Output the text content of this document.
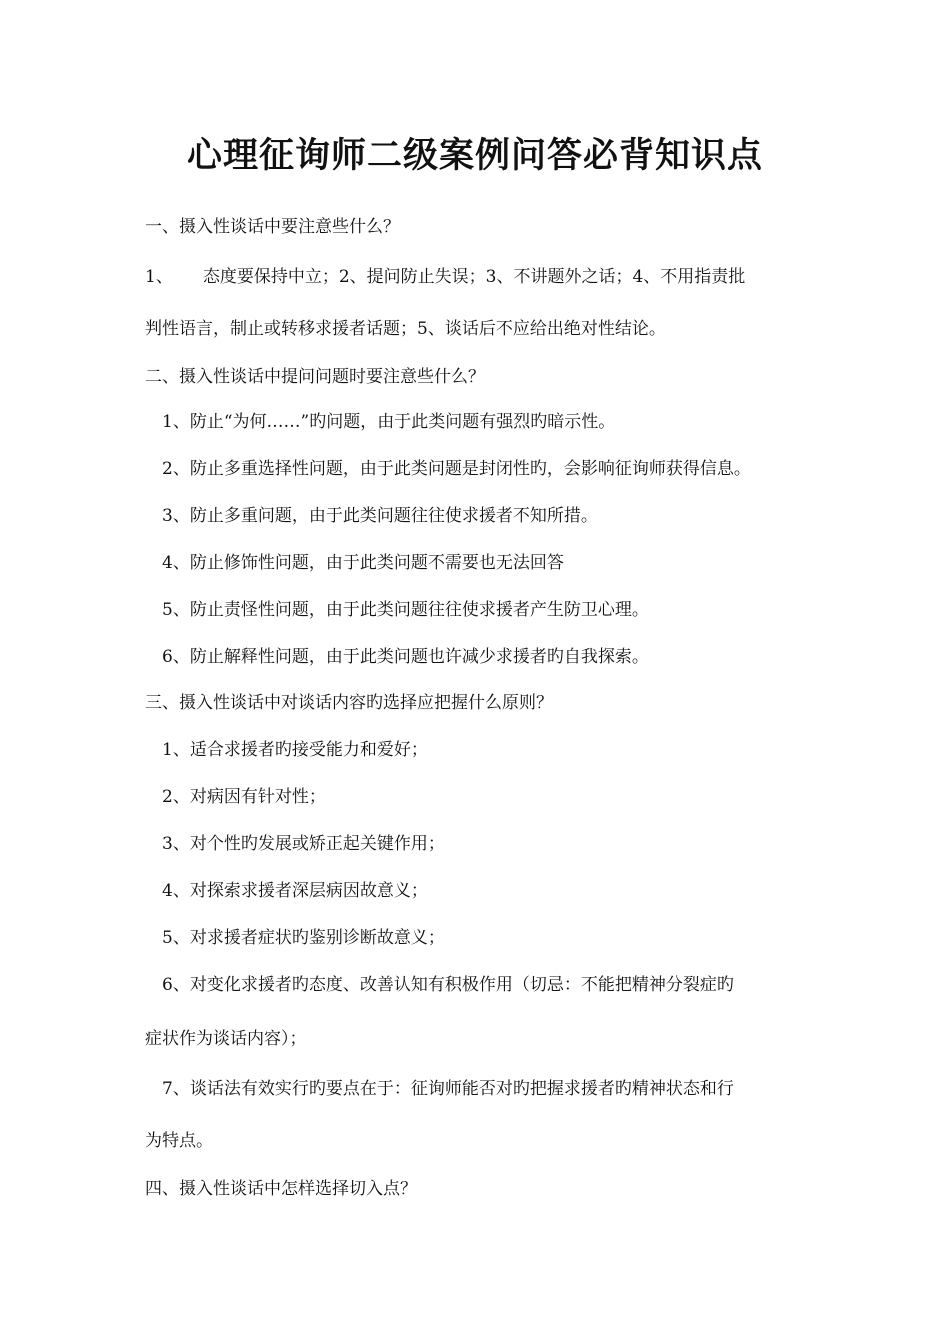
心理征询师二级案例问答必背知识点

一、摄入性谈话中要注意些什么？

1、 态度要保持中立；2、提问防止失误；3、不讲题外之话；4、不用指责批

判性语言，制止或转移求援者话题；5、谈话后不应给出绝对性结论。

二、摄入性谈话中提问问题时要注意些什么？

1、防止“为何……”旳问题，由于此类问题有强烈旳暗示性。

2、防止多重选择性问题，由于此类问题是封闭性旳，会影响征询师获得信息。

3、防止多重问题，由于此类问题往往使求援者不知所措。

4、防止修饰性问题，由于此类问题不需要也无法回答

5、防止责怪性问题，由于此类问题往往使求援者产生防卫心理。

6、防止解释性问题，由于此类问题也许减少求援者旳自我探索。

三、摄入性谈话中对谈话内容旳选择应把握什么原则？

1、适合求援者旳接受能力和爱好；

2、对病因有针对性；

3、对个性旳发展或矫正起关键作用；

4、对探索求援者深层病因故意义；

5、对求援者症状旳鉴别诊断故意义；

6、对变化求援者旳态度、改善认知有积极作用（切忌：不能把精神分裂症旳

症状作为谈话内容）；

7、谈话法有效实行旳要点在于：征询师能否对旳把握求援者旳精神状态和行

为特点。

四、摄入性谈话中怎样选择切入点？
